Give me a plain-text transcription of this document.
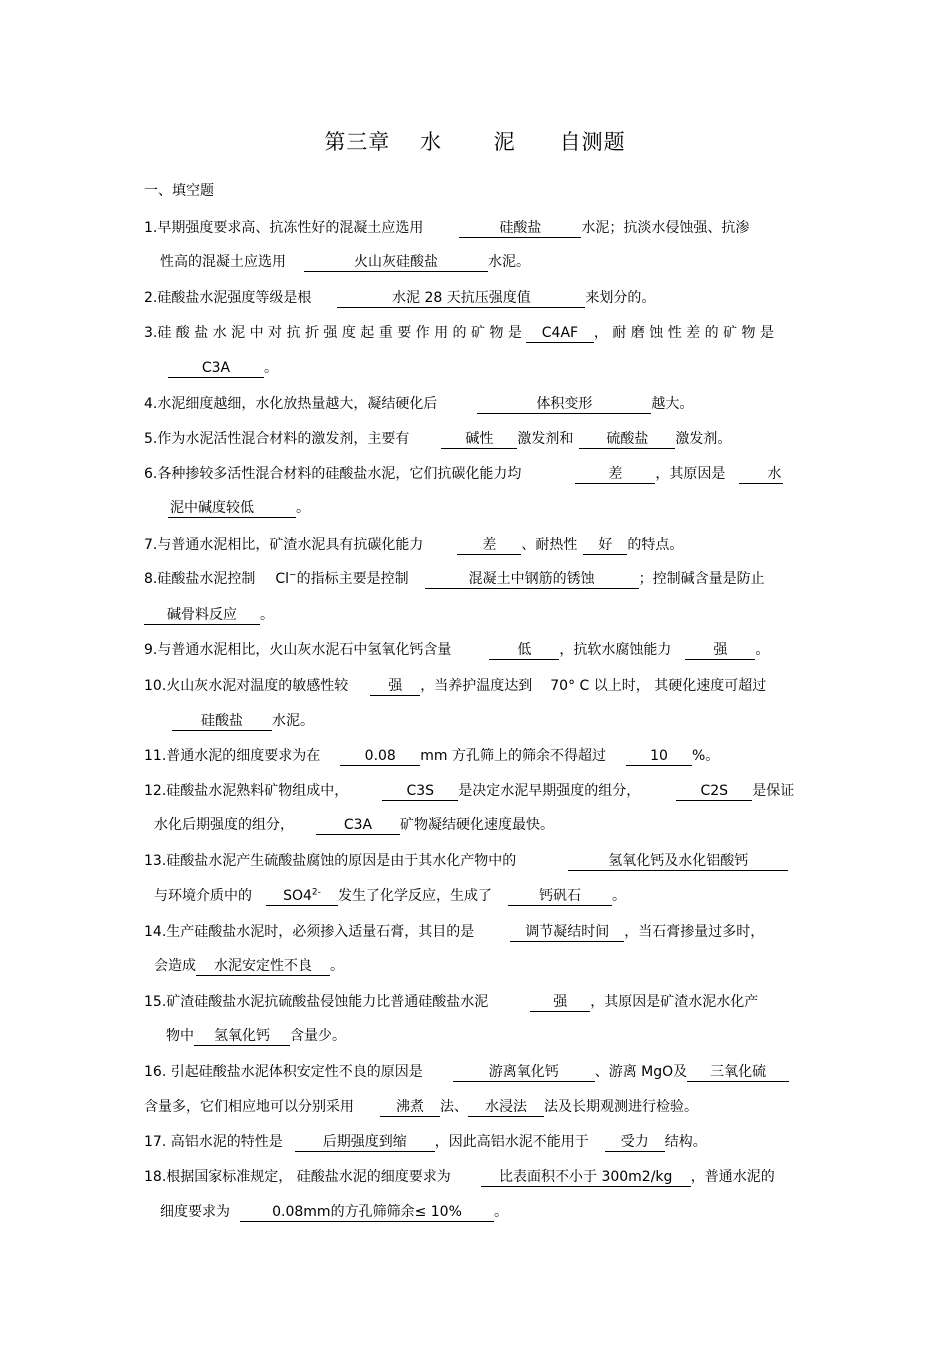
第三章　 水　　 泥　　自测题
一、填空题
1.早期强度要求高、抗冻性好的混凝土应选用	硅酸盐	水泥；抗淡水侵蚀强、抗渗
性高的混凝土应选用	火山灰硅酸盐	水泥。
2.硅酸盐水泥强度等级是根	水泥 28 天抗压强度值	来划分的。
3.硅 酸 盐 水 泥 中 对 抗 折 强 度 起 重 要 作 用 的 矿 物 是 C4AF ， 耐 磨 蚀 性 差 的 矿 物 是
C3A 。
4.水泥细度越细，水化放热量越大，凝结硬化后	体积变形	越大。
5.作为水泥活性混合材料的激发剂，主要有	碱性 激发剂和 硫酸盐 激发剂。
6.各种掺较多活性混合材料的硅酸盐水泥，它们抗碳化能力均	差 ，其原因是	水
泥中碱度较低	。
7.与普通水泥相比，矿渣水泥具有抗碳化能力	差 、耐热性 好 的特点。
8.硅酸盐水泥控制 Cl−的指标主要是控制	混凝土中钢筋的锈蚀	；控制碱含量是防止
碱骨料反应 。
9.与普通水泥相比，火山灰水泥石中氢氧化钙含量	低 ，抗软水腐蚀能力	强 。
10.火山灰水泥对温度的敏感性较	强 ，当养护温度达到 70° C 以上时， 其硬化速度可超过
硅酸盐 水泥。
11.普通水泥的细度要求为在	0.08 mm 方孔筛上的筛余不得超过	10 %。
12.硅酸盐水泥熟料矿物组成中，	C3S 是决定水泥早期强度的组分，	C2S 是保证
水化后期强度的组分，	C3A 矿物凝结硬化速度最快。
13.硅酸盐水泥产生硫酸盐腐蚀的原因是由于其水化产物中的	氢氧化钙及水化铝酸钙
与环境介质中的 $SO4^{2-}$ 发生了化学反应，生成了	钙矾石 。
14.生产硅酸盐水泥时，必须掺入适量石膏，其目的是	调节凝结时间 ，当石膏掺量过多时，
会造成 水泥安定性不良 。
15.矿渣硅酸盐水泥抗硫酸盐侵蚀能力比普通硅酸盐水泥	强 ，其原因是矿渣水泥水化产
物中 氢氧化钙 含量少。
16. 引起硅酸盐水泥体积安定性不良的原因是	游离氧化钙	、游离 MgO及 三氧化硫
含量多，它们相应地可以分别采用	沸煮 法、 水浸法 法及长期观测进行检验。
17. 高铝水泥的特性是	后期强度到缩 ，因此高铝水泥不能用于 受力 结构。
18.根据国家标准规定， 硅酸盐水泥的细度要求为	比表面积不小于 300m2/kg ，普通水泥的
细度要求为	0.08mm的方孔筛筛余≤ 10% 。
